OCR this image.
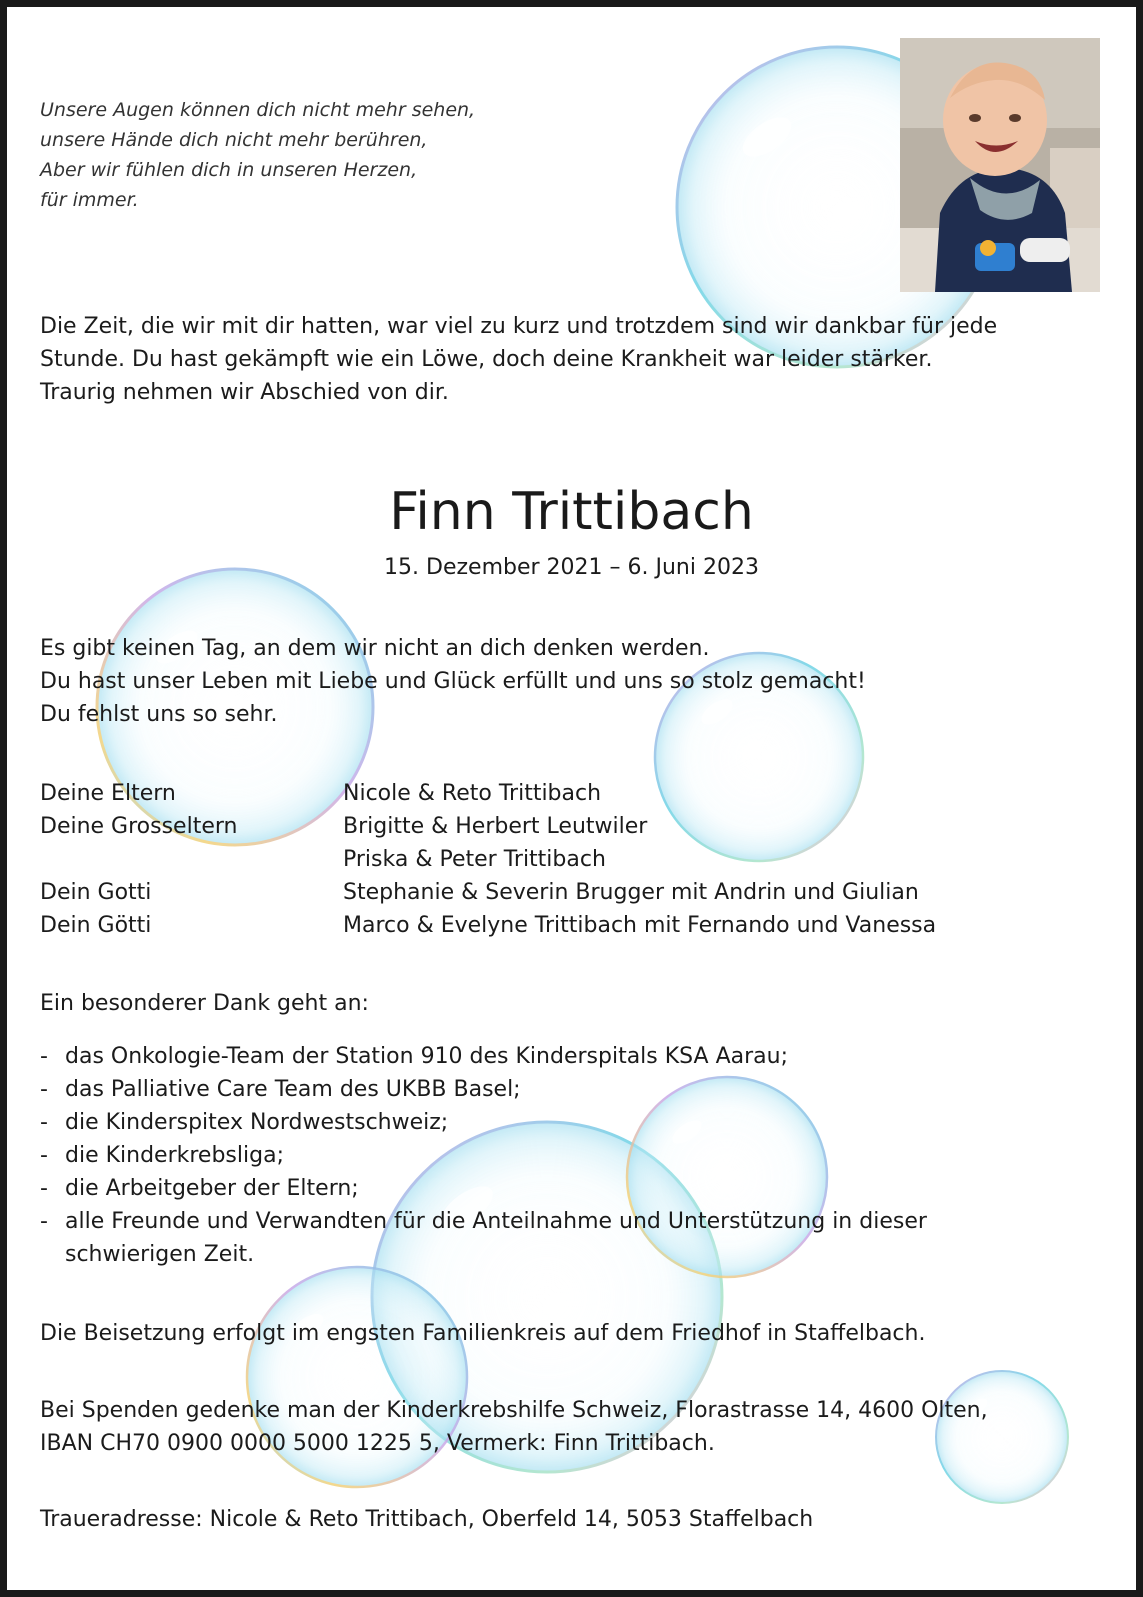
Unsere Augen können dich nicht mehr sehen,
unsere Hände dich nicht mehr berühren,
Aber wir fühlen dich in unseren Herzen,
für immer.
Die Zeit, die wir mit dir hatten, war viel zu kurz und trotzdem sind wir dankbar für jede
Stunde. Du hast gekämpft wie ein Löwe, doch deine Krankheit war leider stärker.
Traurig nehmen wir Abschied von dir.
Finn Trittibach
15. Dezember 2021 – 6. Juni 2023
Es gibt keinen Tag, an dem wir nicht an dich denken werden.
Du hast unser Leben mit Liebe und Glück erfüllt und uns so stolz gemacht!
Du fehlst uns so sehr.
Deine Eltern	Nicole & Reto Trittibach
Deine Grosseltern	Brigitte & Herbert Leutwiler
Priska & Peter Trittibach
Dein Gotti	Stephanie & Severin Brugger mit Andrin und Giulian
Dein Götti	Marco & Evelyne Trittibach mit Fernando und Vanessa
Ein besonderer Dank geht an:
- das Onkologie-Team der Station 910 des Kinderspitals KSA Aarau;
- das Palliative Care Team des UKBB Basel;
- die Kinderspitex Nordwestschweiz;
- die Kinderkrebsliga;
- die Arbeitgeber der Eltern;
- alle Freunde und Verwandten für die Anteilnahme und Unterstützung in dieser
schwierigen Zeit.
Die Beisetzung erfolgt im engsten Familienkreis auf dem Friedhof in Staffelbach.
Bei Spenden gedenke man der Kinderkrebshilfe Schweiz, Florastrasse 14, 4600 Olten,
IBAN CH70 0900 0000 5000 1225 5, Vermerk: Finn Trittibach.
Traueradresse: Nicole & Reto Trittibach, Oberfeld 14, 5053 Staffelbach
